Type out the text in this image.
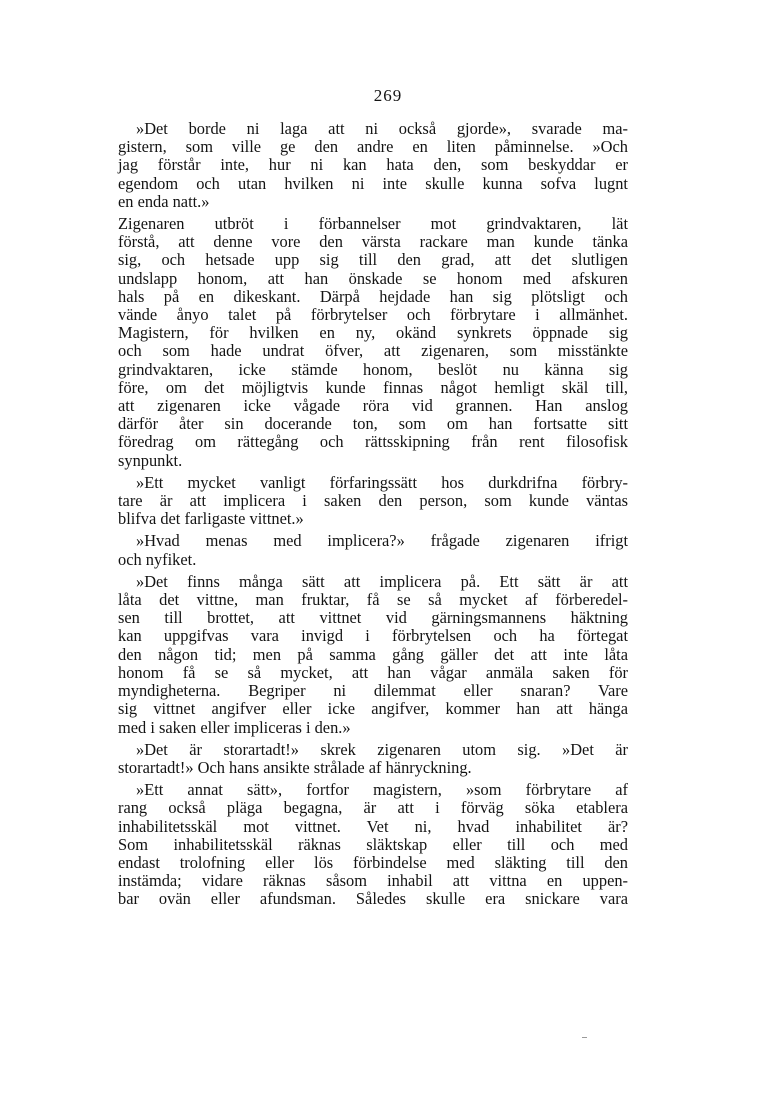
269
»Det borde ni laga att ni också gjorde», svarade ma-
gistern, som ville ge den andre en liten påminnelse. »Och
jag förstår inte, hur ni kan hata den, som beskyddar er
egendom och utan hvilken ni inte skulle kunna sofva lugnt
en enda natt.»
Zigenaren utbröt i förbannelser mot grindvaktaren, lät
förstå, att denne vore den värsta rackare man kunde tänka
sig, och hetsade upp sig till den grad, att det slutligen
undslapp honom, att han önskade se honom med afskuren
hals på en dikeskant. Därpå hejdade han sig plötsligt och
vände ånyo talet på förbrytelser och förbrytare i allmänhet.
Magistern, för hvilken en ny, okänd synkrets öppnade sig
och som hade undrat öfver, att zigenaren, som misstänkte
grindvaktaren, icke stämde honom, beslöt nu känna sig
före, om det möjligtvis kunde finnas något hemligt skäl till,
att zigenaren icke vågade röra vid grannen. Han anslog
därför åter sin docerande ton, som om han fortsatte sitt
föredrag om rättegång och rättsskipning från rent filosofisk
synpunkt.
»Ett mycket vanligt förfaringssätt hos durkdrifna förbry-
tare är att implicera i saken den person, som kunde väntas
blifva det farligaste vittnet.»
»Hvad menas med implicera?» frågade zigenaren ifrigt
och nyfiket.
»Det finns många sätt att implicera på. Ett sätt är att
låta det vittne, man fruktar, få se så mycket af förberedel-
sen till brottet, att vittnet vid gärningsmannens häktning
kan uppgifvas vara invigd i förbrytelsen och ha förtegat
den någon tid; men på samma gång gäller det att inte låta
honom få se så mycket, att han vågar anmäla saken för
myndigheterna. Begriper ni dilemmat eller snaran? Vare
sig vittnet angifver eller icke angifver, kommer han att hänga
med i saken eller impliceras i den.»
»Det är storartadt!» skrek zigenaren utom sig. »Det är
storartadt!» Och hans ansikte strålade af hänryckning.
»Ett annat sätt», fortfor magistern, »som förbrytare af
rang också pläga begagna, är att i förväg söka etablera
inhabilitetsskäl mot vittnet. Vet ni, hvad inhabilitet är?
Som inhabilitetsskäl räknas släktskap eller till och med
endast trolofning eller lös förbindelse med släkting till den
instämda; vidare räknas såsom inhabil att vittna en uppen-
bar ovän eller afundsman. Således skulle era snickare vara
